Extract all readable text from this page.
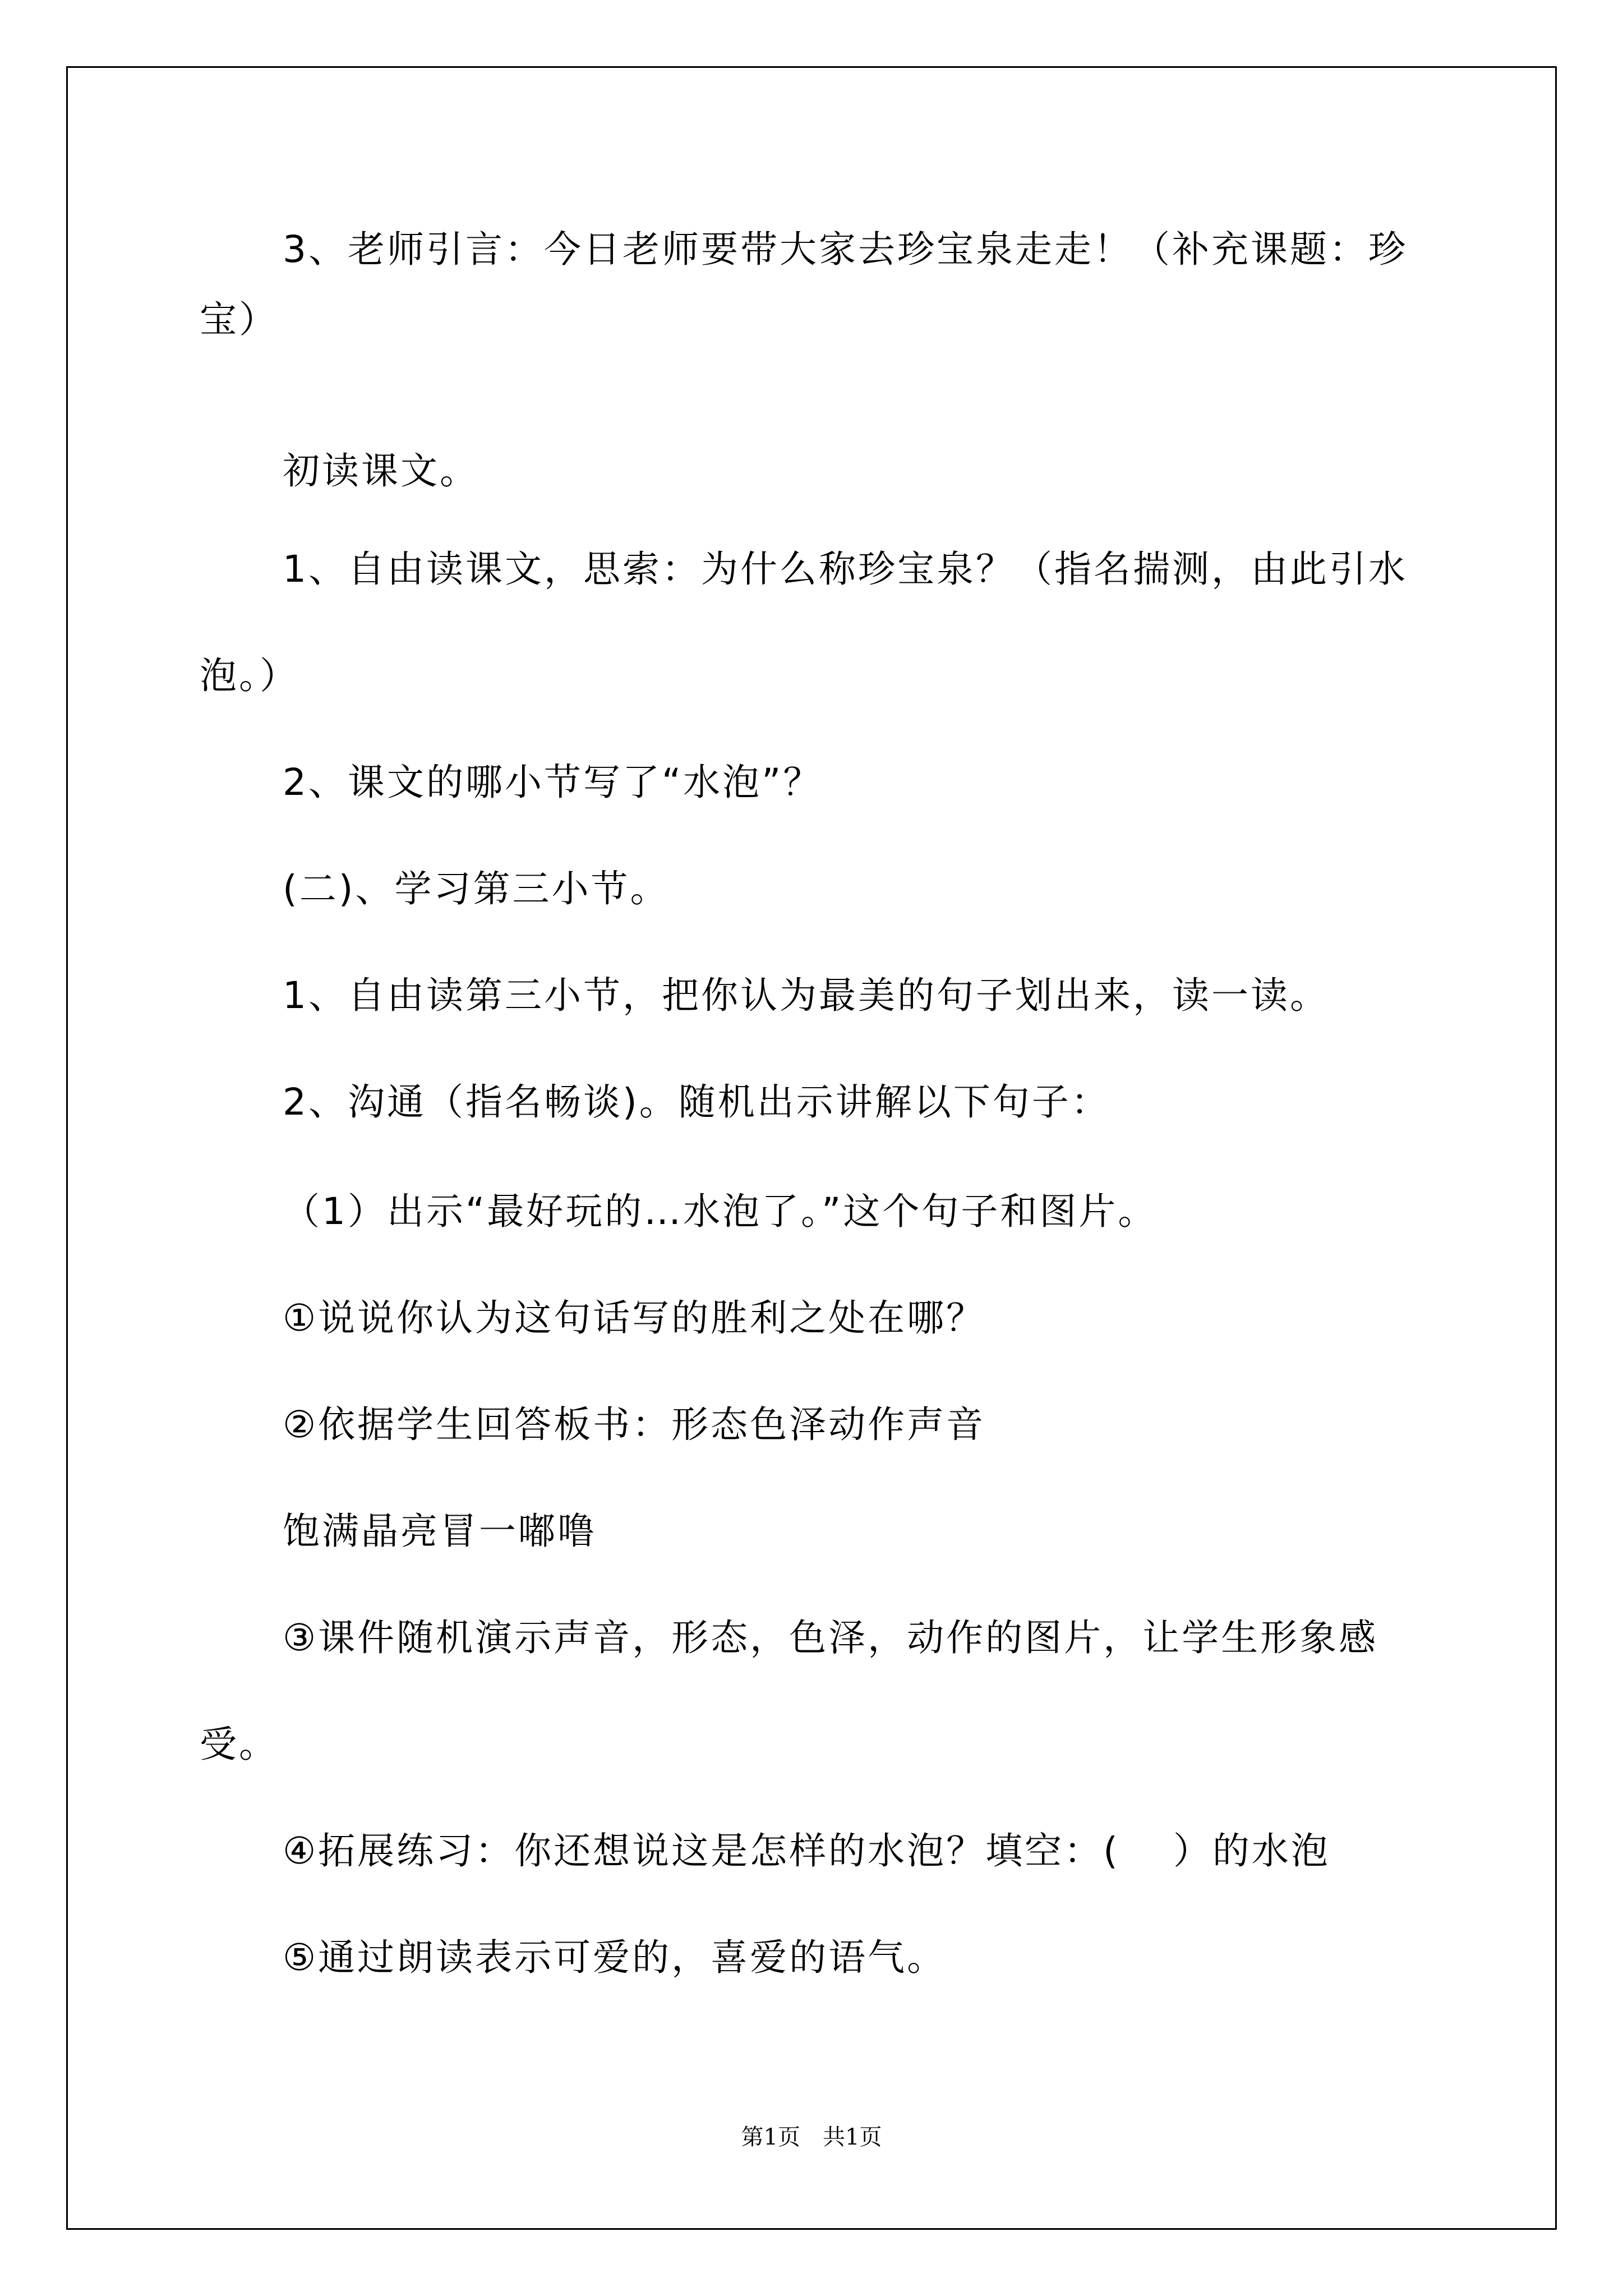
3、老师引言：今日老师要带大家去珍宝泉走走！（补充课题：珍
宝）
初读课文。
1、自由读课文，思索：为什么称珍宝泉？（指名揣测，由此引水
泡。）
2、课文的哪小节写了“水泡”？
(二)、学习第三小节。
1、自由读第三小节，把你认为最美的句子划出来，读一读。
2、沟通（指名畅谈)。随机出示讲解以下句子：
（1）出示“最好玩的…水泡了。”这个句子和图片。
①说说你认为这句话写的胜利之处在哪？
②依据学生回答板书：形态色泽动作声音
饱满晶亮冒一嘟噜
③课件随机演示声音，形态，色泽，动作的图片，让学生形象感
受。
④拓展练习：你还想说这是怎样的水泡？填空：(　 ）的水泡
⑤通过朗读表示可爱的，喜爱的语气。
第1页　共1页
